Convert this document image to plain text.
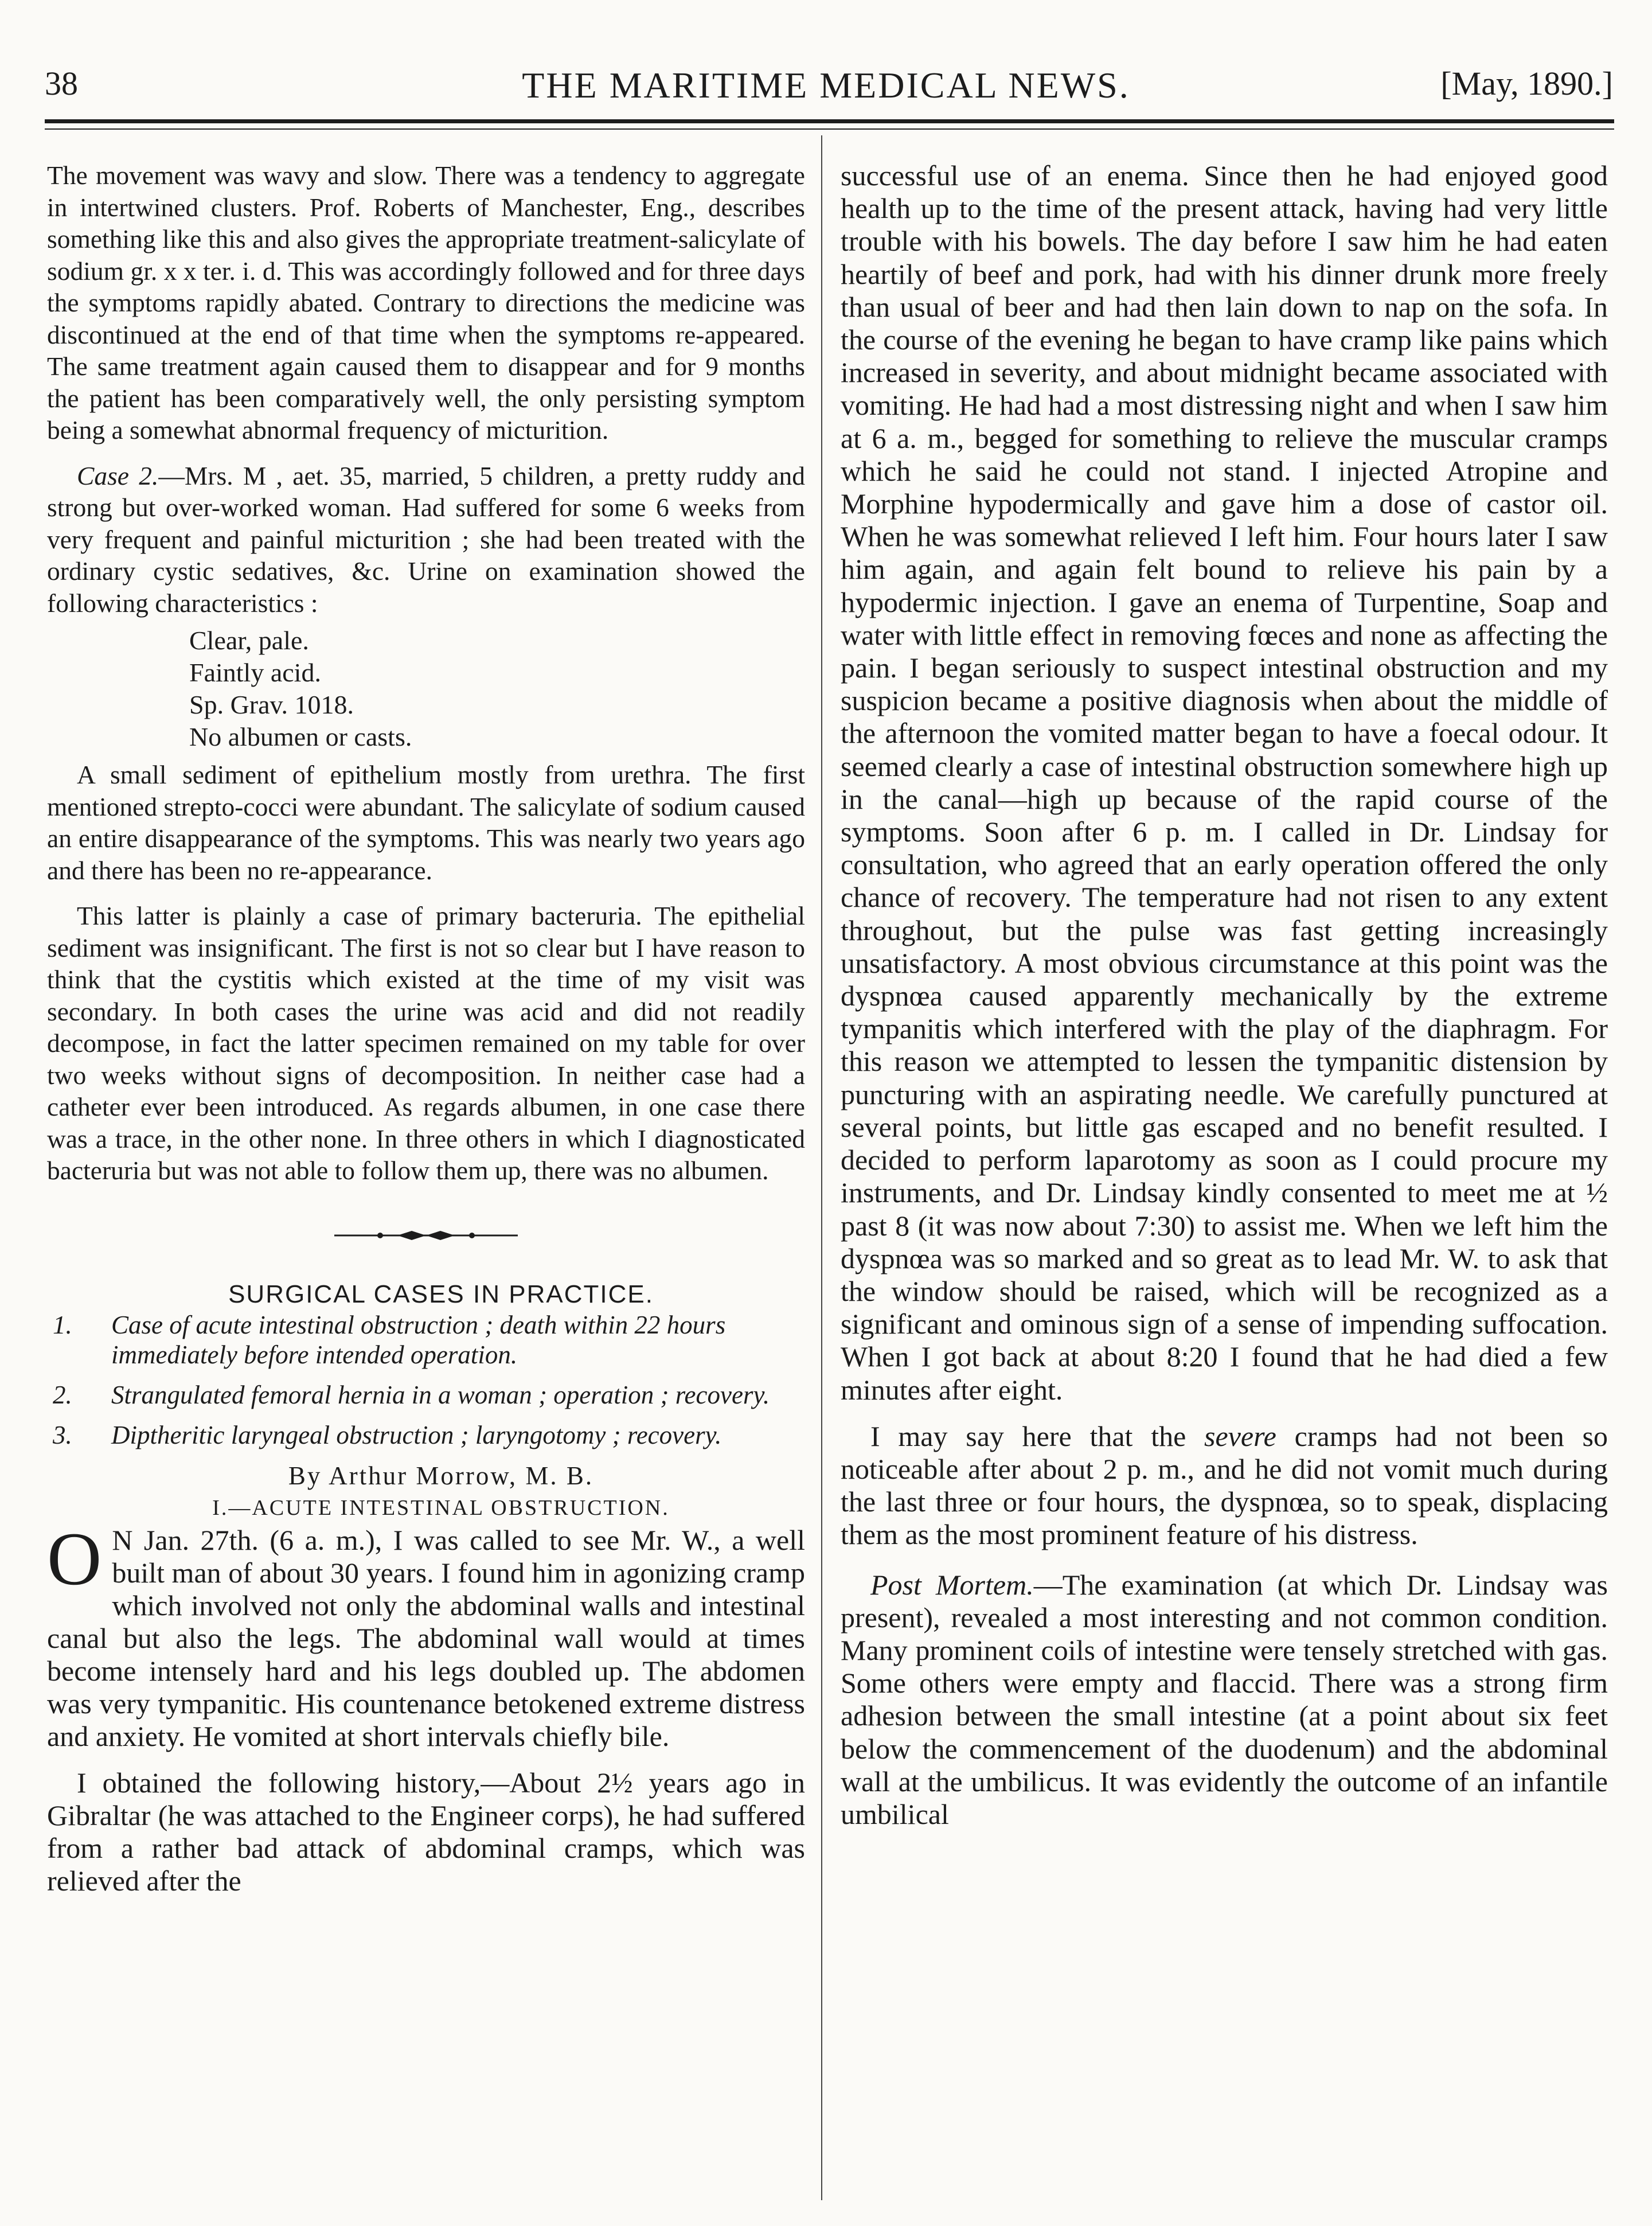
38	THE MARITIME MEDICAL NEWS.	[May, 1890.]

The movement was wavy and slow. There was a tendency to aggregate in intertwined clusters. Prof. Roberts of Manchester, Eng., describes something like this and also gives the appropriate treatment-salicylate of sodium gr. x x ter. i. d. This was accordingly followed and for three days the symptoms rapidly abated. Contrary to directions the medicine was discontinued at the end of that time when the symptoms re-appeared. The same treatment again caused them to disappear and for 9 months the patient has been comparatively well, the only persisting symptom being a somewhat abnormal frequency of micturition.

Case 2.—Mrs. M , aet. 35, married, 5 children, a pretty ruddy and strong but over-worked woman. Had suffered for some 6 weeks from very frequent and painful micturition ; she had been treated with the ordinary cystic sedatives, &c. Urine on examination showed the following characteristics :

Clear, pale.
Faintly acid.
Sp. Grav. 1018.
No albumen or casts.

A small sediment of epithelium mostly from urethra. The first mentioned strepto-cocci were abundant. The salicylate of sodium caused an entire disappearance of the symptoms. This was nearly two years ago and there has been no re-appearance.

This latter is plainly a case of primary bacteruria. The epithelial sediment was insignificant. The first is not so clear but I have reason to think that the cystitis which existed at the time of my visit was secondary. In both cases the urine was acid and did not readily decompose, in fact the latter specimen remained on my table for over two weeks without signs of decomposition. In neither case had a catheter ever been introduced. As regards albumen, in one case there was a trace, in the other none. In three others in which I diagnosticated bacteruria but was not able to follow them up, there was no albumen.

SURGICAL CASES IN PRACTICE.

1. Case of acute intestinal obstruction ; death within 22 hours immediately before intended operation.
2. Strangulated femoral hernia in a woman ; operation ; recovery.
3. Diptheritic laryngeal obstruction ; laryngotomy ; recovery.

By Arthur Morrow, M. B.

I.—ACUTE INTESTINAL OBSTRUCTION.

O N Jan. 27th. (6 a. m.), I was called to see Mr. W., a well built man of about 30 years. I found him in agonizing cramp which involved not only the abdominal walls and intestinal canal but also the legs. The abdominal wall would at times become intensely hard and his legs doubled up. The abdomen was very tympanitic. His countenance betokened extreme distress and anxiety. He vomited at short intervals chiefly bile.

I obtained the following history,—About 2½ years ago in Gibraltar (he was attached to the Engineer corps), he had suffered from a rather bad attack of abdominal cramps, which was relieved after the

successful use of an enema. Since then he had enjoyed good health up to the time of the present attack, having had very little trouble with his bowels. The day before I saw him he had eaten heartily of beef and pork, had with his dinner drunk more freely than usual of beer and had then lain down to nap on the sofa. In the course of the evening he began to have cramp like pains which increased in severity, and about midnight became associated with vomiting. He had had a most distressing night and when I saw him at 6 a. m., begged for something to relieve the muscular cramps which he said he could not stand. I injected Atropine and Morphine hypodermically and gave him a dose of castor oil. When he was somewhat relieved I left him. Four hours later I saw him again, and again felt bound to relieve his pain by a hypodermic injection. I gave an enema of Turpentine, Soap and water with little effect in removing fœces and none as affecting the pain. I began seriously to suspect intestinal obstruction and my suspicion became a positive diagnosis when about the middle of the afternoon the vomited matter began to have a foecal odour. It seemed clearly a case of intestinal obstruction somewhere high up in the canal—high up because of the rapid course of the symptoms. Soon after 6 p. m. I called in Dr. Lindsay for consultation, who agreed that an early operation offered the only chance of recovery. The temperature had not risen to any extent throughout, but the pulse was fast getting increasingly unsatisfactory. A most obvious circumstance at this point was the dyspnœa caused apparently mechanically by the extreme tympanitis which interfered with the play of the diaphragm. For this reason we attempted to lessen the tympanitic distension by puncturing with an aspirating needle. We carefully punctured at several points, but little gas escaped and no benefit resulted. I decided to perform laparotomy as soon as I could procure my instruments, and Dr. Lindsay kindly consented to meet me at ½ past 8 (it was now about 7:30) to assist me. When we left him the dyspnœa was so marked and so great as to lead Mr. W. to ask that the window should be raised, which will be recognized as a significant and ominous sign of a sense of impending suffocation. When I got back at about 8:20 I found that he had died a few minutes after eight.

I may say here that the severe cramps had not been so noticeable after about 2 p. m., and he did not vomit much during the last three or four hours, the dyspnœa, so to speak, displacing them as the most prominent feature of his distress.

Post Mortem.—The examination (at which Dr. Lindsay was present), revealed a most interesting and not common condition. Many prominent coils of intestine were tensely stretched with gas. Some others were empty and flaccid. There was a strong firm adhesion between the small intestine (at a point about six feet below the commencement of the duodenum) and the abdominal wall at the umbilicus. It was evidently the outcome of an infantile umbilical
